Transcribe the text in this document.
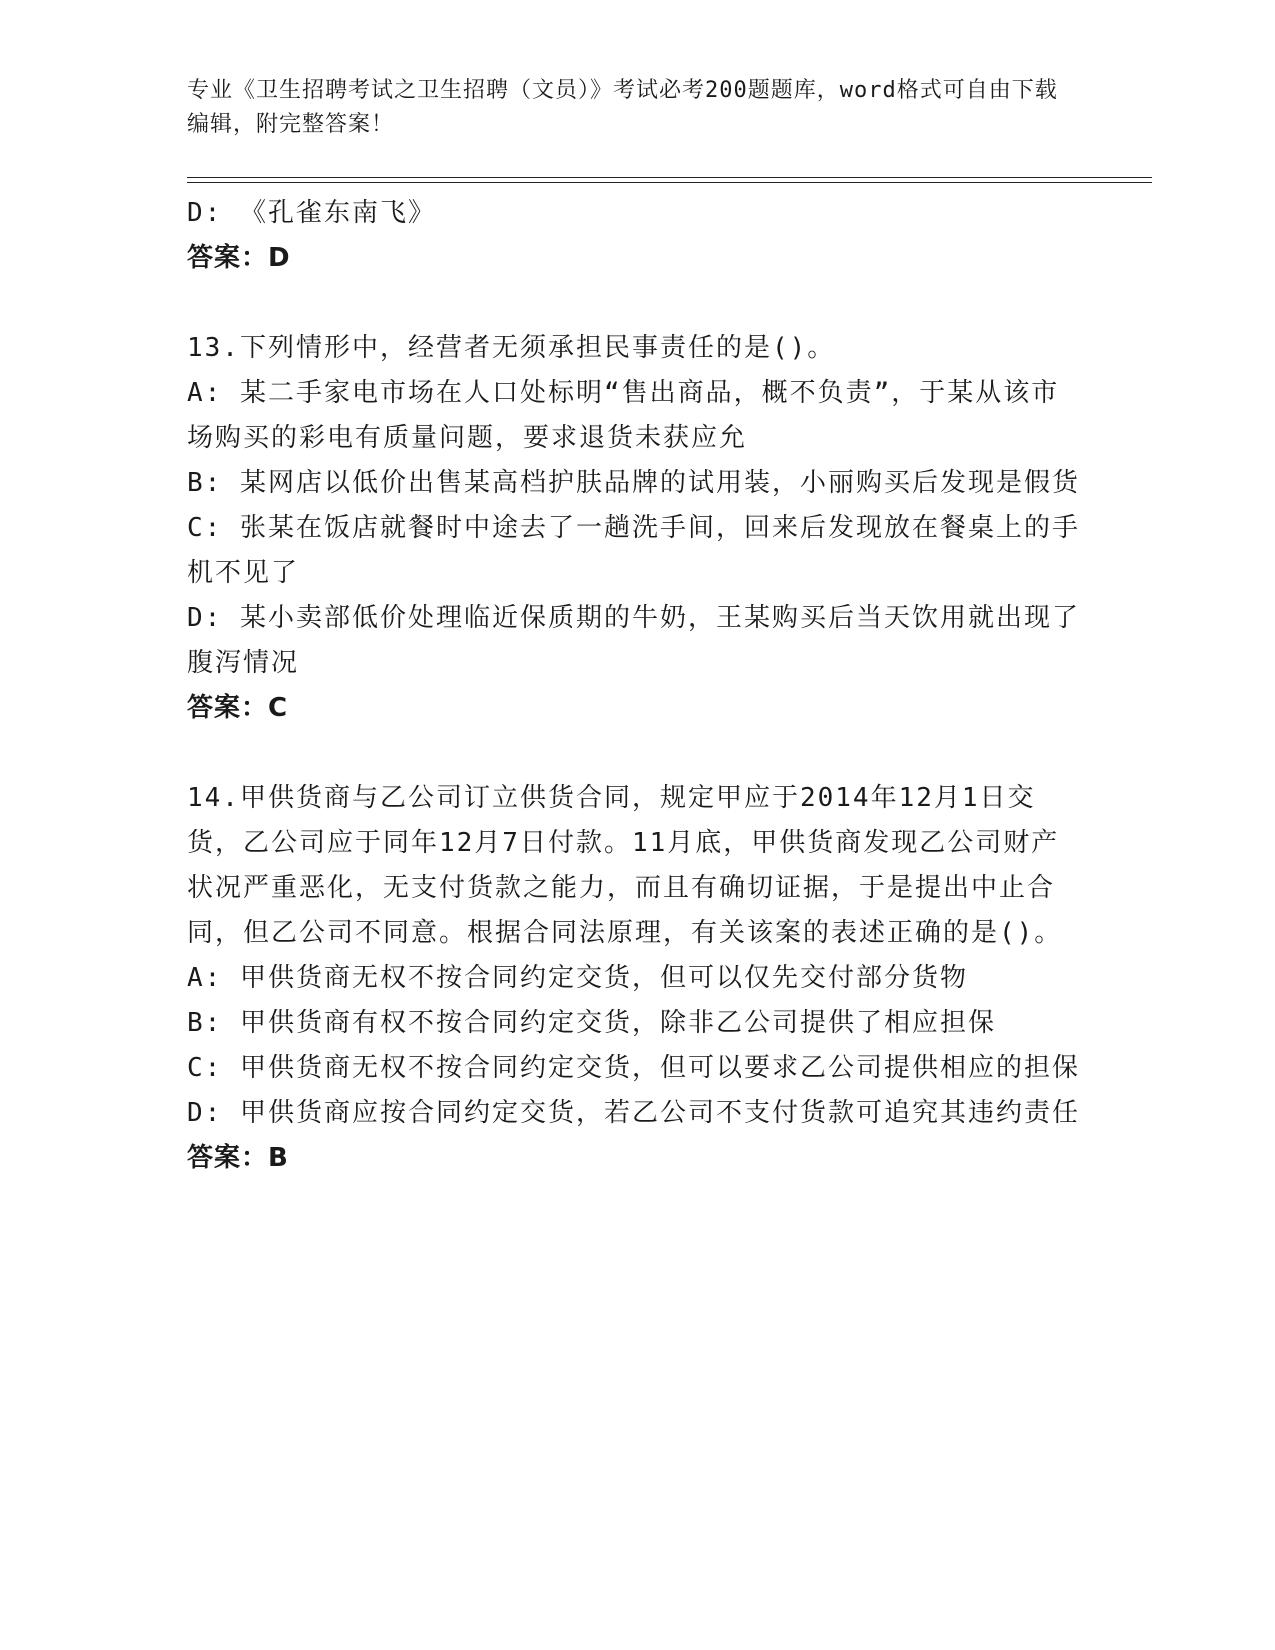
专业《卫生招聘考试之卫生招聘（文员）》考试必考200题题库，word格式可自由下载编辑，附完整答案！

D: 《孔雀东南飞》

答案：D

13.下列情形中，经营者无须承担民事责任的是()。

A: 某二手家电市场在人口处标明“售出商品，概不负责”，于某从该市场购买的彩电有质量问题，要求退货未获应允

B: 某网店以低价出售某高档护肤品牌的试用装，小丽购买后发现是假货

C: 张某在饭店就餐时中途去了一趟洗手间，回来后发现放在餐桌上的手机不见了

D: 某小卖部低价处理临近保质期的牛奶，王某购买后当天饮用就出现了腹泻情况

答案：C

14.甲供货商与乙公司订立供货合同，规定甲应于2014年12月1日交货，乙公司应于同年12月7日付款。11月底，甲供货商发现乙公司财产状况严重恶化，无支付货款之能力，而且有确切证据，于是提出中止合同，但乙公司不同意。根据合同法原理，有关该案的表述正确的是()。

A: 甲供货商无权不按合同约定交货，但可以仅先交付部分货物

B: 甲供货商有权不按合同约定交货，除非乙公司提供了相应担保

C: 甲供货商无权不按合同约定交货，但可以要求乙公司提供相应的担保

D: 甲供货商应按合同约定交货，若乙公司不支付货款可追究其违约责任

答案：B
